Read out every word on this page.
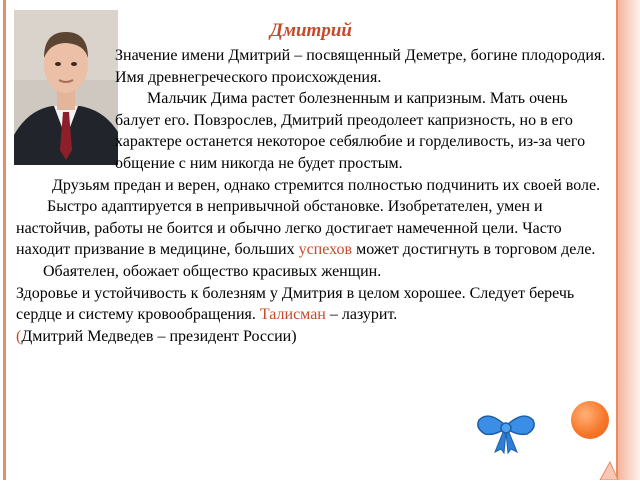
Дмитрий

Значение имени Дмитрий – посвященный Деметре, богине плодородия. Имя древнегреческого происхождения.

Мальчик Дима растет болезненным и капризным. Мать очень балует его. Повзрослев, Дмитрий преодолеет капризность, но в его характере останется некоторое себялюбие и горделивость, из-за чего общение с ним никогда не будет простым.

Друзьям предан и верен, однако стремится полностью подчинить их своей воле.

Быстро адаптируется в непривычной обстановке. Изобретателен, умен и настойчив, работы не боится и обычно легко достигает намеченной цели. Часто находит призвание в медицине, больших успехов может достигнуть в торговом деле.

Обаятелен, обожает общество красивых женщин.

Здоровье и устойчивость к болезням у Дмитрия в целом хорошее. Следует беречь сердце и систему кровообращения. Талисман – лазурит.

(Дмитрий Медведев – президент России)
